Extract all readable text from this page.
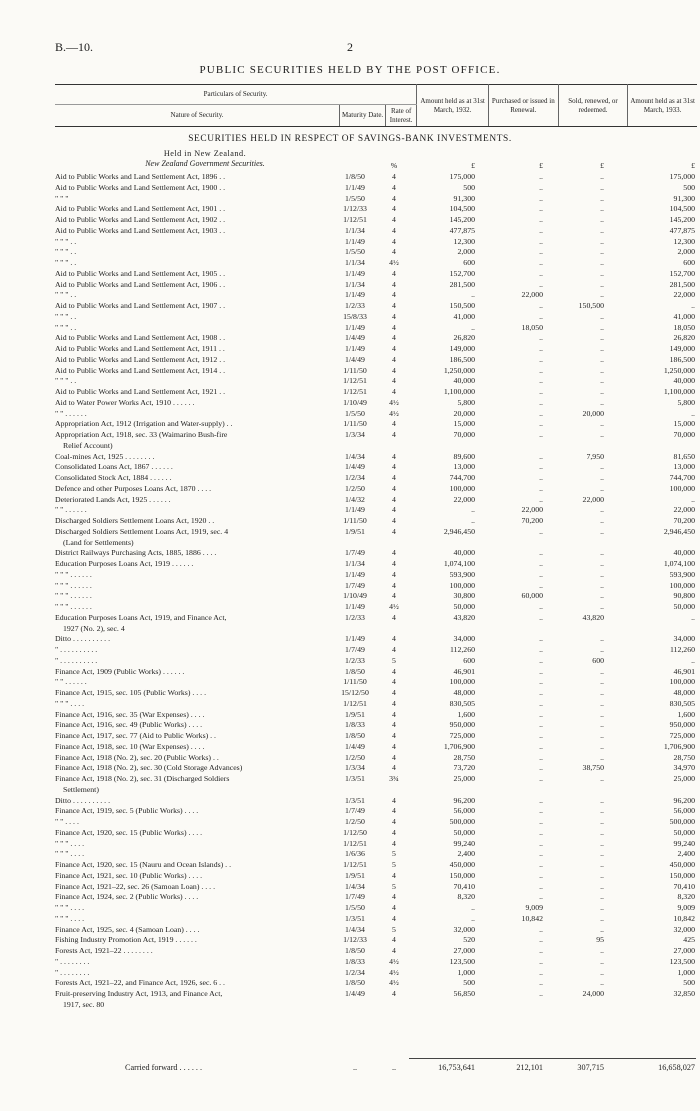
B.—10.	2
PUBLIC SECURITIES HELD BY THE POST OFFICE.
Particulars of Security.			Amount held as at 31st March, 1932.	Purchased or issued in Renewal.	Sold, renewed, or redeemed.	Amount held as at 31st March, 1933.
Nature of Security.	Maturity Date.	Rate of Interest.				
SECURITIES HELD IN RESPECT OF SAVINGS-BANK INVESTMENTS.
Held in New Zealand.
New Zealand Government Securities.	%	£	£	£	£
Aid to Public Works and Land Settlement Act, 1896 . .	1/8/50	4	175,000	..	..	175,000
Aid to Public Works and Land Settlement Act, 1900 . .	1/1/49	4	500	..	..	500
" " "	1/5/50	4	91,300	..	..	91,300
Aid to Public Works and Land Settlement Act, 1901 . .	1/12/33	4	104,500	..	..	104,500
Aid to Public Works and Land Settlement Act, 1902 . .	1/12/51	4	145,200	..	..	145,200
Aid to Public Works and Land Settlement Act, 1903 . .	1/1/34	4	477,875	..	..	477,875
" " " . .	1/1/49	4	12,300	..	..	12,300
" " " . .	1/5/50	4	2,000	..	..	2,000
" " " . .	1/1/34	4½	600	..	..	600
Aid to Public Works and Land Settlement Act, 1905 . .	1/1/49	4	152,700	..	..	152,700
Aid to Public Works and Land Settlement Act, 1906 . .	1/1/34	4	281,500	..	..	281,500
" " " . .	1/1/49	4	..	22,000	..	22,000
Aid to Public Works and Land Settlement Act, 1907 . .	1/2/33	4	150,500	..	150,500	..
" " " . .	15/8/33	4	41,000	..	..	41,000
" " " . .	1/1/49	4	..	18,050	..	18,050
Aid to Public Works and Land Settlement Act, 1908 . .	1/4/49	4	26,820	..	..	26,820
Aid to Public Works and Land Settlement Act, 1911 . .	1/1/49	4	149,000	..	..	149,000
Aid to Public Works and Land Settlement Act, 1912 . .	1/4/49	4	186,500	..	..	186,500
Aid to Public Works and Land Settlement Act, 1914 . .	1/11/50	4	1,250,000	..	..	1,250,000
" " " . .	1/12/51	4	40,000	..	..	40,000
Aid to Public Works and Land Settlement Act, 1921 . .	1/12/51	4	1,100,000	..	..	1,100,000
Aid to Water Power Works Act, 1910 . . . . . .	1/10/49	4½	5,800	..	..	5,800
" " . . . . . .	1/5/50	4½	20,000	..	20,000	..
Appropriation Act, 1912 (Irrigation and Water-supply) . .	1/11/50	4	15,000	..	..	15,000
Appropriation Act, 1918, sec. 33 (Waimarino Bush-fire	1/3/34	4	70,000	..	..	70,000
Relief Account)
Coal-mines Act, 1925 . . . . . . . .	1/4/34	4	89,600	..	7,950	81,650
Consolidated Loans Act, 1867 . . . . . .	1/4/49	4	13,000	..	..	13,000
Consolidated Stock Act, 1884 . . . . . .	1/2/34	4	744,700	..	..	744,700
Defence and other Purposes Loans Act, 1870 . . . .	1/2/50	4	100,000	..	..	100,000
Deteriorated Lands Act, 1925 . . . . . .	1/4/32	4	22,000	..	22,000	..
" " . . . . . .	1/1/49	4	..	22,000	..	22,000
Discharged Soldiers Settlement Loans Act, 1920 . .	1/11/50	4	..	70,200	..	70,200
Discharged Soldiers Settlement Loans Act, 1919, sec. 4	1/9/51	4	2,946,450	..	..	2,946,450
(Land for Settlements)
District Railways Purchasing Acts, 1885, 1886 . . . .	1/7/49	4	40,000	..	..	40,000
Education Purposes Loans Act, 1919 . . . . . .	1/1/34	4	1,074,100	..	..	1,074,100
" " " . . . . . .	1/1/49	4	593,900	..	..	593,900
" " " . . . . . .	1/7/49	4	100,000	..	..	100,000
" " " . . . . . .	1/10/49	4	30,800	60,000	..	90,800
" " " . . . . . .	1/1/49	4½	50,000	..	..	50,000
Education Purposes Loans Act, 1919, and Finance Act,	1/2/33	4	43,820	..	43,820	..
1927 (No. 2), sec. 4
Ditto . . . . . . . . . .	1/1/49	4	34,000	..	..	34,000
" . . . . . . . . . .	1/7/49	4	112,260	..	..	112,260
" . . . . . . . . . .	1/2/33	5	600	..	600	..
Finance Act, 1909 (Public Works) . . . . . .	1/8/50	4	46,901	..	..	46,901
" " . . . . . .	1/11/50	4	100,000	..	..	100,000
Finance Act, 1915, sec. 105 (Public Works) . . . .	15/12/50	4	48,000	..	..	48,000
" " " . . . .	1/12/51	4	830,505	..	..	830,505
Finance Act, 1916, sec. 35 (War Expenses) . . . .	1/9/51	4	1,600	..	..	1,600
Finance Act, 1916, sec. 49 (Public Works) . . . .	1/8/33	4	950,000	..	..	950,000
Finance Act, 1917, sec. 77 (Aid to Public Works) . .	1/8/50	4	725,000	..	..	725,000
Finance Act, 1918, sec. 10 (War Expenses) . . . .	1/4/49	4	1,706,900	..	..	1,706,900
Finance Act, 1918 (No. 2), sec. 20 (Public Works) . .	1/2/50	4	28,750	..	..	28,750
Finance Act, 1918 (No. 2), sec. 30 (Cold Storage Advances)	1/3/34	4	73,720	..	38,750	34,970
Finance Act, 1918 (No. 2), sec. 31 (Discharged Soldiers	1/3/51	3¾	25,000	..	..	25,000
Settlement)
Ditto . . . . . . . . . .	1/3/51	4	96,200	..	..	96,200
Finance Act, 1919, sec. 5 (Public Works) . . . .	1/7/49	4	56,000	..	..	56,000
" " . . . .	1/2/50	4	500,000	..	..	500,000
Finance Act, 1920, sec. 15 (Public Works) . . . .	1/12/50	4	50,000	..	..	50,000
" " " . . . .	1/12/51	4	99,240	..	..	99,240
" " " . . . .	1/6/36	5	2,400	..	..	2,400
Finance Act, 1920, sec. 15 (Nauru and Ocean Islands) . .	1/12/51	5	450,000	..	..	450,000
Finance Act, 1921, sec. 10 (Public Works) . . . .	1/9/51	4	150,000	..	..	150,000
Finance Act, 1921–22, sec. 26 (Samoan Loan) . . . .	1/4/34	5	70,410	..	..	70,410
Finance Act, 1924, sec. 2 (Public Works) . . . .	1/7/49	4	8,320	..	..	8,320
" " " . . . .	1/5/50	4	..	9,009	..	9,009
" " " . . . .	1/3/51	4	..	10,842	..	10,842
Finance Act, 1925, sec. 4 (Samoan Loan) . . . .	1/4/34	5	32,000	..	..	32,000
Fishing Industry Promotion Act, 1919 . . . . . .	1/12/33	4	520	..	95	425
Forests Act, 1921–22 . . . . . . . .	1/8/50	4	27,000	..	..	27,000
" . . . . . . . .	1/8/33	4½	123,500	..	..	123,500
" . . . . . . . .	1/2/34	4½	1,000	..	..	1,000
Forests Act, 1921–22, and Finance Act, 1926, sec. 6 . .	1/8/50	4½	500	..	..	500
Fruit-preserving Industry Act, 1913, and Finance Act,	1/4/49	4	56,850	..	24,000	32,850
1917, sec. 80
Carried forward . . . . . .	..	..	16,753,641	212,101	307,715	16,658,027
